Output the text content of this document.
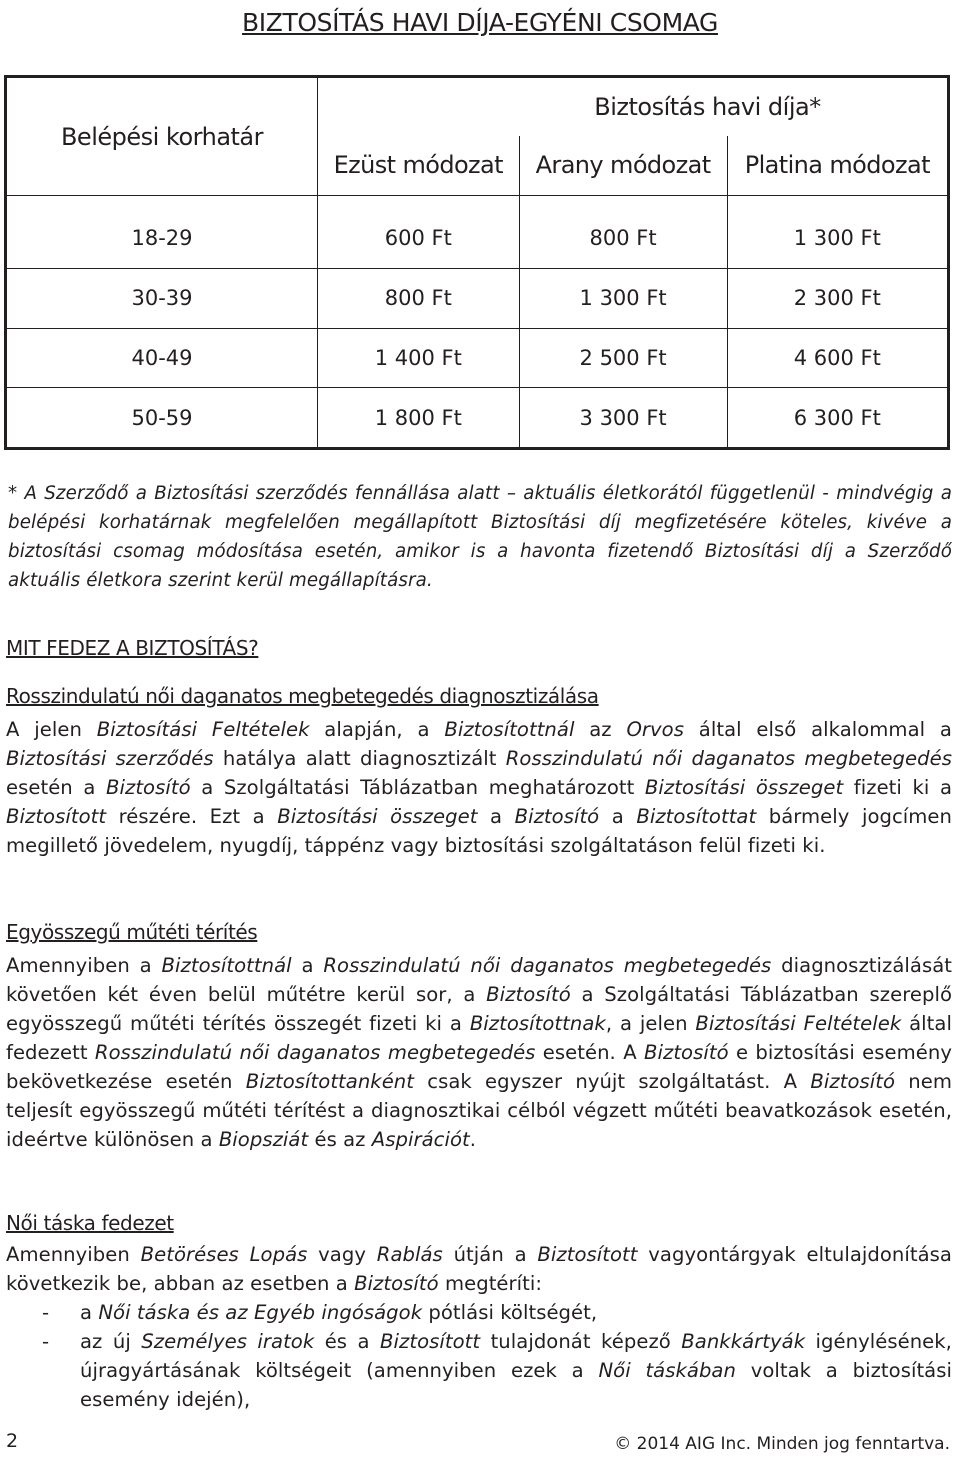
BIZTOSÍTÁS HAVI DÍJA-EGYÉNI CSOMAG
Belépési korhatár	Biztosítás havi díja*		
	Ezüst módozat	Arany módozat	Platina módozat
18-29	600 Ft	800 Ft	1 300 Ft
30-39	800 Ft	1 300 Ft	2 300 Ft
40-49	1 400 Ft	2 500 Ft	4 600 Ft
50-59	1 800 Ft	3 300 Ft	6 300 Ft
* A Szerződő a Biztosítási szerződés fennállása alatt – aktuális életkorától függetlenül - mindvégig a belépési korhatárnak megfelelően megállapított Biztosítási díj megfizetésére köteles, kivéve a biztosítási csomag módosítása esetén, amikor is a havonta fizetendő Biztosítási díj a Szerződő aktuális életkora szerint kerül megállapításra.
MIT FEDEZ A BIZTOSÍTÁS?
Rosszindulatú női daganatos megbetegedés diagnosztizálása
A jelen Biztosítási Feltételek alapján, a Biztosítottnál az Orvos által első alkalommal a Biztosítási szerződés hatálya alatt diagnosztizált Rosszindulatú női daganatos megbetegedés esetén a Biztosító a Szolgáltatási Táblázatban meghatározott Biztosítási összeget fizeti ki a Biztosított részére. Ezt a Biztosítási összeget a Biztosító a Biztosítottat bármely jogcímen megillető jövedelem, nyugdíj, táppénz vagy biztosítási szolgáltatáson felül fizeti ki.
Egyösszegű műtéti térítés
Amennyiben a Biztosítottnál a Rosszindulatú női daganatos megbetegedés diagnosztizálását követően két éven belül műtétre kerül sor, a Biztosító a Szolgáltatási Táblázatban szereplő egyösszegű műtéti térítés összegét fizeti ki a Biztosítottnak, a jelen Biztosítási Feltételek által fedezett Rosszindulatú női daganatos megbetegedés esetén. A Biztosító e biztosítási esemény bekövetkezése esetén Biztosítottanként csak egyszer nyújt szolgáltatást. A Biztosító nem teljesít egyösszegű műtéti térítést a diagnosztikai célból végzett műtéti beavatkozások esetén, ideértve különösen a Biopsziát és az Aspirációt.
Női táska fedezet
Amennyiben Betöréses Lopás vagy Rablás útján a Biztosított vagyontárgyak eltulajdonítása következik be, abban az esetben a Biztosító megtéríti:
- a Női táska és az Egyéb ingóságok pótlási költségét,
- az új Személyes iratok és a Biztosított tulajdonát képező Bankkártyák igénylésének, újragyártásának költségeit (amennyiben ezek a Női táskában voltak a biztosítási esemény idején),
2	© 2014 AIG Inc. Minden jog fenntartva.
